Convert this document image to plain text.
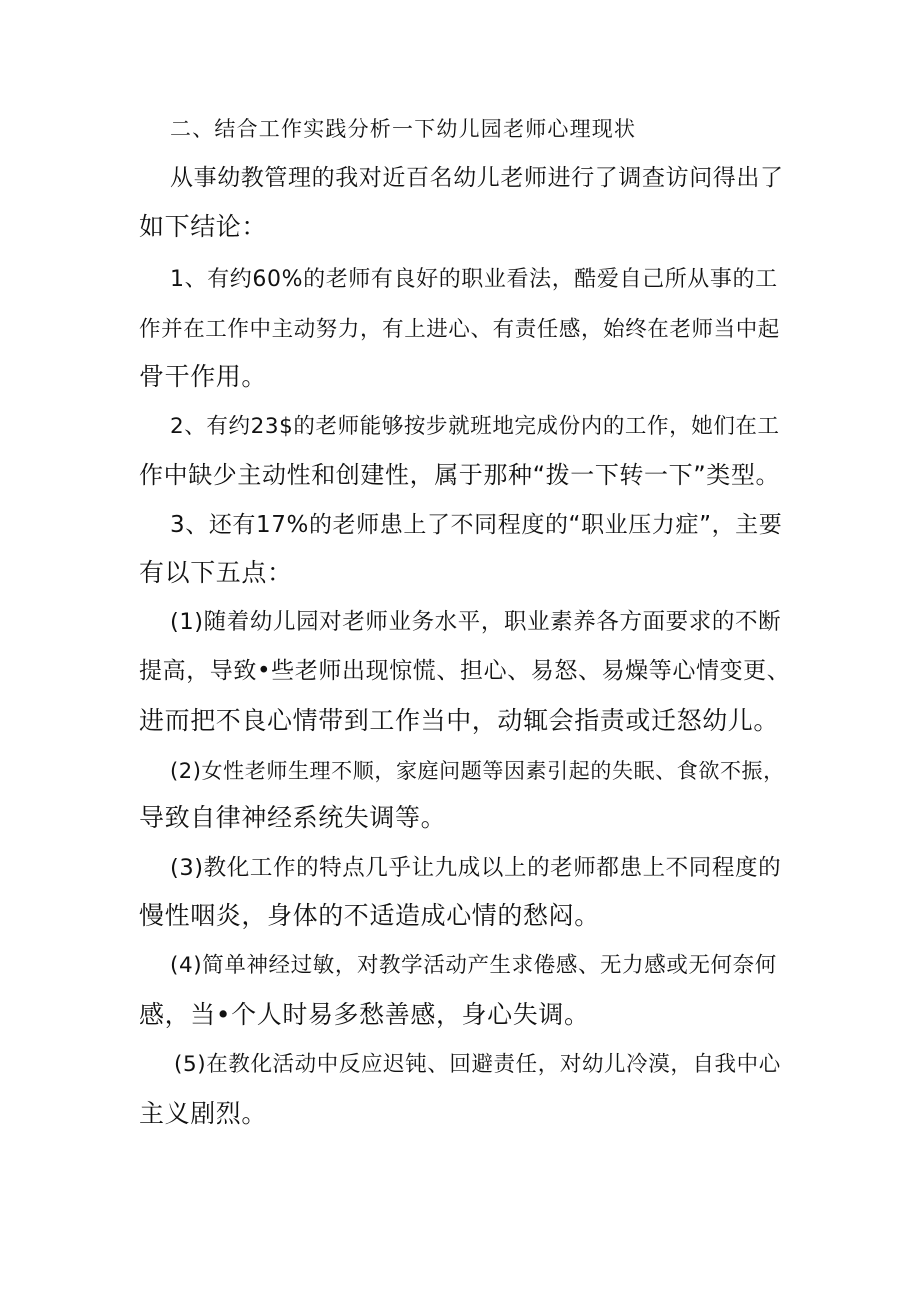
二、结合工作实践分析一下幼儿园老师心理现状
从事幼教管理的我对近百名幼儿老师进行了调查访问得出了
如下结论：
1、有约60%的老师有良好的职业看法，酷爱自己所从事的工
作并在工作中主动努力，有上进心、有责任感，始终在老师当中起
骨干作用。
2、有约23$的老师能够按步就班地完成份内的工作，她们在工
作中缺少主动性和创建性，属于那种“拨一下转一下”类型。
3、还有17%的老师患上了不同程度的“职业压力症”，主要
有以下五点：
(1)随着幼儿园对老师业务水平，职业素养各方面要求的不断
提高，导致•些老师出现惊慌、担心、易怒、易燥等心情变更、
进而把不良心情带到工作当中，动辄会指责或迁怒幼儿。
(2)女性老师生理不顺，家庭问题等因素引起的失眠、食欲不振，
导致自律神经系统失调等。
(3)教化工作的特点几乎让九成以上的老师都患上不同程度的
慢性咽炎，身体的不适造成心情的愁闷。
(4)简单神经过敏，对教学活动产生求倦感、无力感或无何奈何
感，当•个人时易多愁善感，身心失调。
(5)在教化活动中反应迟钝、回避责任，对幼儿冷漠，自我中心
主义剧烈。
